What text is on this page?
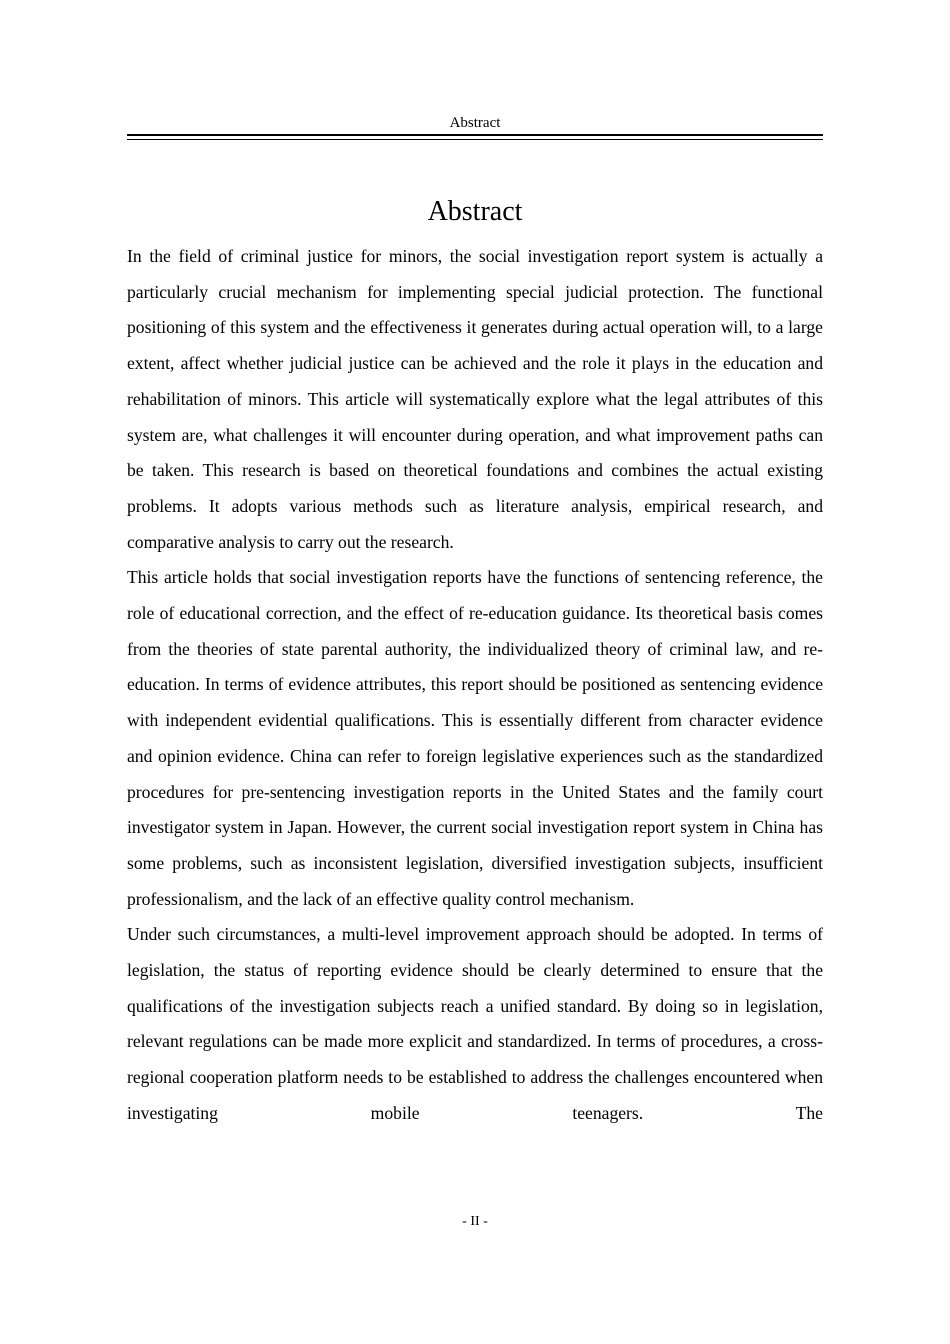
Abstract
Abstract

In the field of criminal justice for minors, the social investigation report system is actually a particularly crucial mechanism for implementing special judicial protection. The functional positioning of this system and the effectiveness it generates during actual operation will, to a large extent, affect whether judicial justice can be achieved and the role it plays in the education and rehabilitation of minors. This article will systematically explore what the legal attributes of this system are, what challenges it will encounter during operation, and what improvement paths can be taken. This research is based on theoretical foundations and combines the actual existing problems. It adopts various methods such as literature analysis, empirical research, and comparative analysis to carry out the research.

This article holds that social investigation reports have the functions of sentencing reference, the role of educational correction, and the effect of re-education guidance. Its theoretical basis comes from the theories of state parental authority, the individualized theory of criminal law, and re-education. In terms of evidence attributes, this report should be positioned as sentencing evidence with independent evidential qualifications. This is essentially different from character evidence and opinion evidence. China can refer to foreign legislative experiences such as the standardized procedures for pre-sentencing investigation reports in the United States and the family court investigator system in Japan. However, the current social investigation report system in China has some problems, such as inconsistent legislation, diversified investigation subjects, insufficient professionalism, and the lack of an effective quality control mechanism.

Under such circumstances, a multi-level improvement approach should be adopted. In terms of legislation, the status of reporting evidence should be clearly determined to ensure that the qualifications of the investigation subjects reach a unified standard. By doing so in legislation, relevant regulations can be made more explicit and standardized. In terms of procedures, a cross-regional cooperation platform needs to be established to address the challenges encountered when investigating mobile teenagers. The

- II -
